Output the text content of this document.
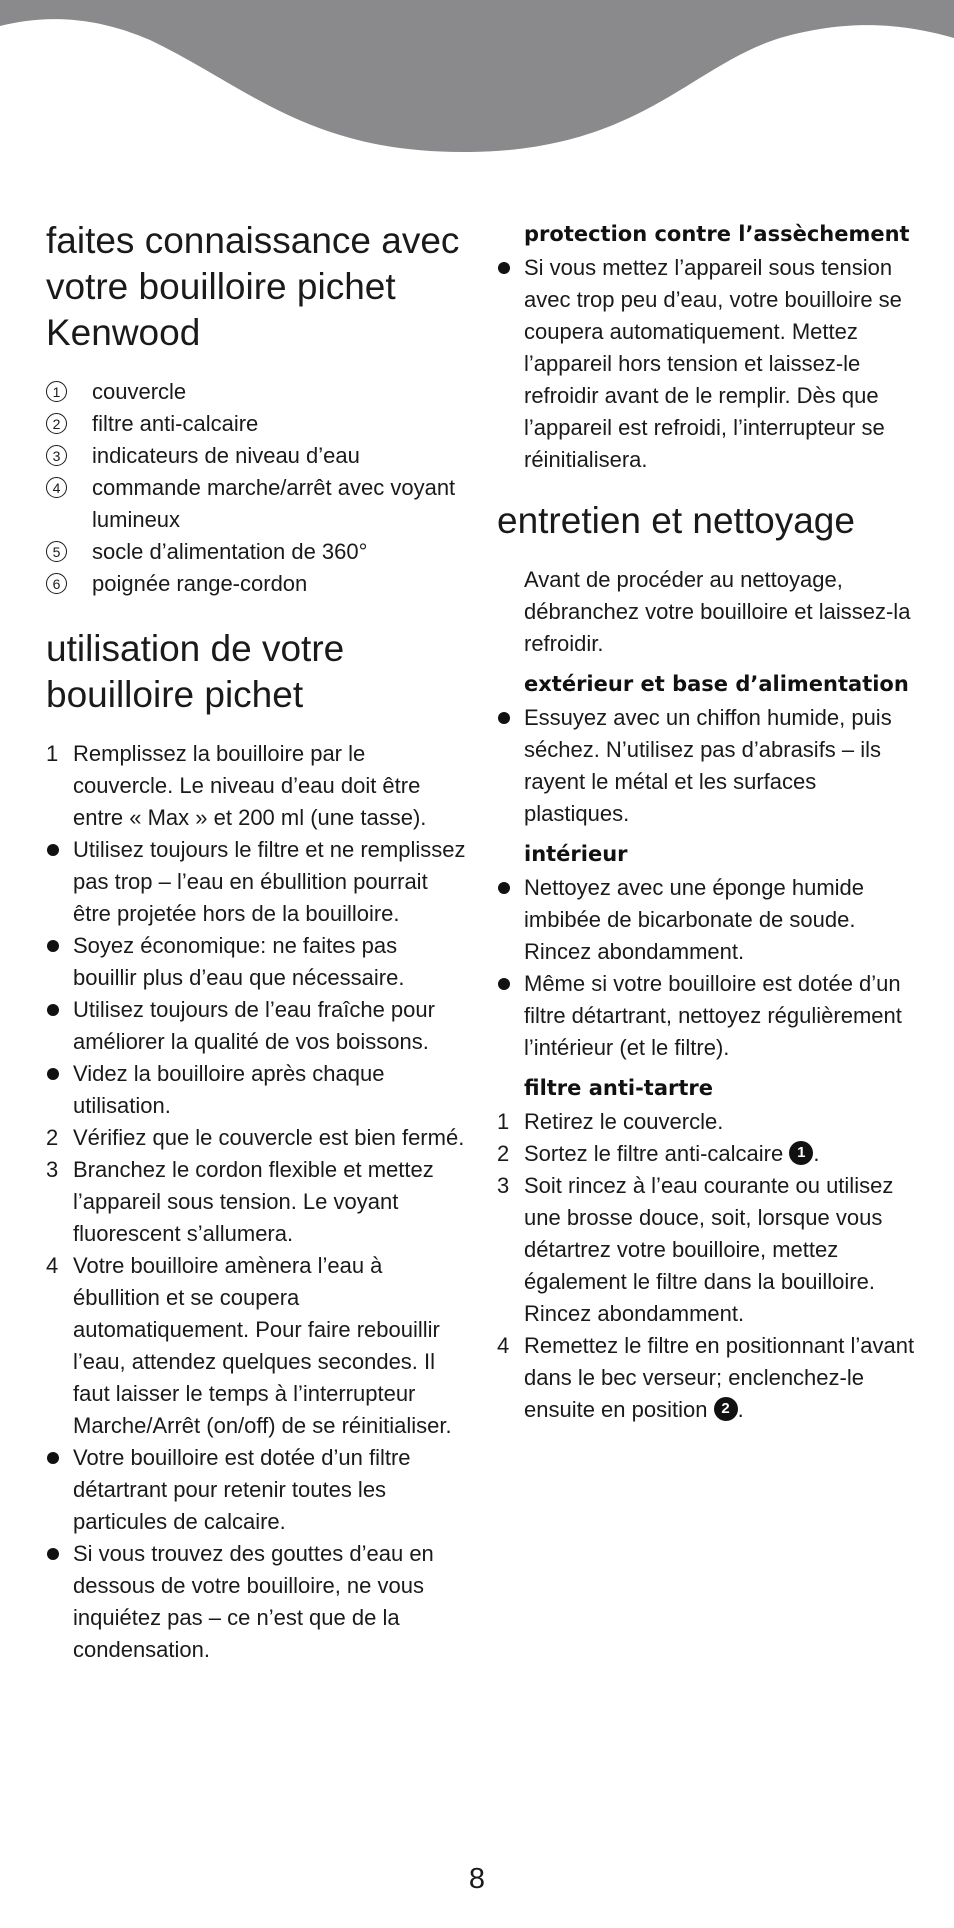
faites connaissance avec votre bouilloire pichet Kenwood
1	couvercle
2	filtre anti-calcaire
3	indicateurs de niveau d’eau
4	commande marche/arrêt avec voyant lumineux
5	socle d’alimentation de 360°
6	poignée range-cordon
utilisation de votre bouilloire pichet
1 Remplissez la bouilloire par le couvercle. Le niveau d’eau doit être entre « Max » et 200 ml (une tasse).
Utilisez toujours le filtre et ne remplissez pas trop – l’eau en ébullition pourrait être projetée hors de la bouilloire.
Soyez économique: ne faites pas bouillir plus d’eau que nécessaire.
Utilisez toujours de l’eau fraîche pour améliorer la qualité de vos boissons.
Videz la bouilloire après chaque utilisation.
2 Vérifiez que le couvercle est bien fermé.
3 Branchez le cordon flexible et mettez l’appareil sous tension. Le voyant fluorescent s’allumera.
4 Votre bouilloire amènera l’eau à ébullition et se coupera automatiquement. Pour faire rebouillir l’eau, attendez quelques secondes. Il faut laisser le temps à l’interrupteur Marche/Arrêt (on/off) de se réinitialiser.
Votre bouilloire est dotée d’un filtre détartrant pour retenir toutes les particules de calcaire.
Si vous trouvez des gouttes d’eau en dessous de votre bouilloire, ne vous inquiétez pas – ce n’est que de la condensation.
protection contre l’assèchement
Si vous mettez l’appareil sous tension avec trop peu d’eau, votre bouilloire se coupera automatiquement. Mettez l’appareil hors tension et laissez-le refroidir avant de le remplir. Dès que l’appareil est refroidi, l’interrupteur se réinitialisera.
entretien et nettoyage
Avant de procéder au nettoyage, débranchez votre bouilloire et laissez-la refroidir.
extérieur et base d’alimentation
Essuyez avec un chiffon humide, puis séchez. N’utilisez pas d’abrasifs – ils rayent le métal et les surfaces plastiques.
intérieur
Nettoyez avec une éponge humide imbibée de bicarbonate de soude. Rincez abondamment.
Même si votre bouilloire est dotée d’un filtre détartrant, nettoyez régulièrement l’intérieur (et le filtre).
filtre anti-tartre
1 Retirez le couvercle.
2 Sortez le filtre anti-calcaire 1 .
3 Soit rincez à l’eau courante ou utilisez une brosse douce, soit, lorsque vous détartrez votre bouilloire, mettez également le filtre dans la bouilloire. Rincez abondamment.
4 Remettez le filtre en positionnant l’avant dans le bec verseur; enclenchez-le ensuite en position 2 .
8
